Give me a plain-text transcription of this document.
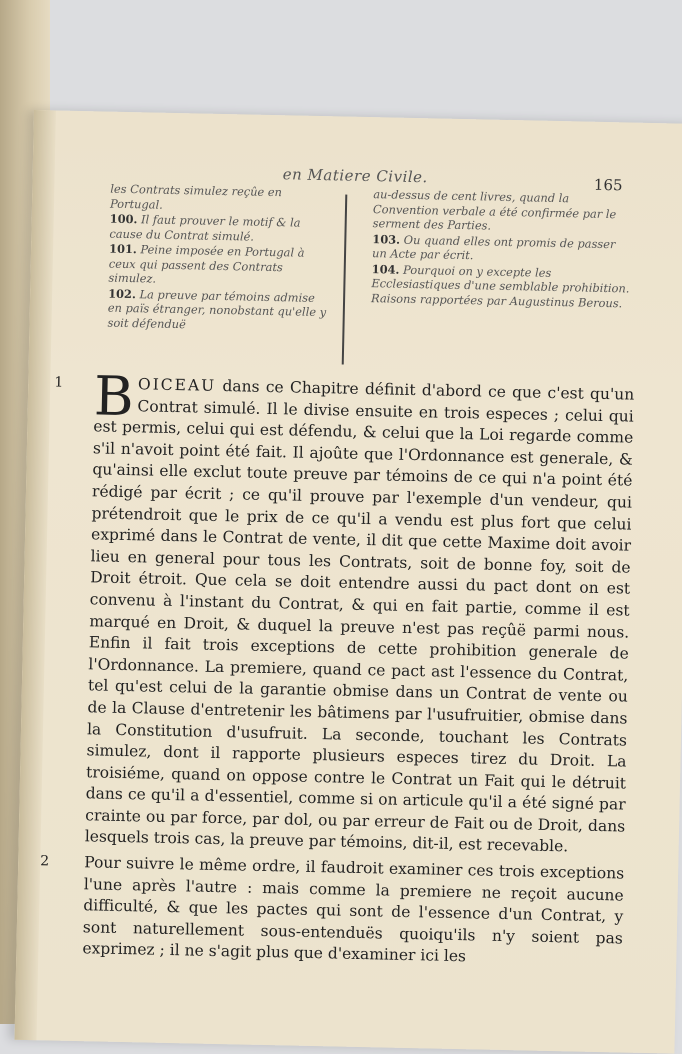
en Matiere Civile.	165
les Contrats simulez reçûe en Portugal.
100. Il faut prouver le motif & la cause du Contrat simulé.
101. Peine imposée en Portugal à ceux qui passent des Contrats simulez.
102. La preuve par témoins admise en païs étranger, nonobstant qu'elle y soit défenduë
au-dessus de cent livres, quand la Convention verbale a été confirmée par le serment des Parties.
103. Ou quand elles ont promis de passer un Acte par écrit.
104. Pourquoi on y excepte les Ecclesiastiques d'une semblable prohibition. Raisons rapportées par Augustinus Berous.
1 B OICEAU dans ce Chapitre définit d'abord ce que c'est qu'un Contrat simulé. Il le divise ensuite en trois especes ; celui qui est permis, celui qui est défendu, & celui que la Loi regarde comme s'il n'avoit point été fait. Il ajoûte que l'Ordonnance est generale, & qu'ainsi elle exclut toute preuve par témoins de ce qui n'a point été rédigé par écrit ; ce qu'il prouve par l'exemple d'un vendeur, qui prétendroit que le prix de ce qu'il a vendu est plus fort que celui exprimé dans le Contrat de vente, il dit que cette Maxime doit avoir lieu en general pour tous les Contrats, soit de bonne foy, soit de Droit étroit. Que cela se doit entendre aussi du pact dont on est convenu à l'instant du Contrat, & qui en fait partie, comme il est marqué en Droit, & duquel la preuve n'est pas reçûë parmi nous. Enfin il fait trois exceptions de cette prohibition generale de l'Ordonnance. La premiere, quand ce pact ast l'essence du Contrat, tel qu'est celui de la garantie obmise dans un Contrat de vente ou de la Clause d'entretenir les bâtimens par l'usufruitier, obmise dans la Constitution d'usufruit. La seconde, touchant les Contrats simulez, dont il rapporte plusieurs especes tirez du Droit. La troisiéme, quand on oppose contre le Contrat un Fait qui le détruit dans ce qu'il a d'essentiel, comme si on articule qu'il a été signé par crainte ou par force, par dol, ou par erreur de Fait ou de Droit, dans lesquels trois cas, la preuve par témoins, dit-il, est recevable.
2 Pour suivre le même ordre, il faudroit examiner ces trois exceptions l'une après l'autre : mais comme la premiere ne reçoit aucune difficulté, & que les pactes qui sont de l'essence d'un Contrat, y sont naturellement sous-entenduës quoiqu'ils n'y soient pas exprimez ; il ne s'agit plus que d'examiner ici les
